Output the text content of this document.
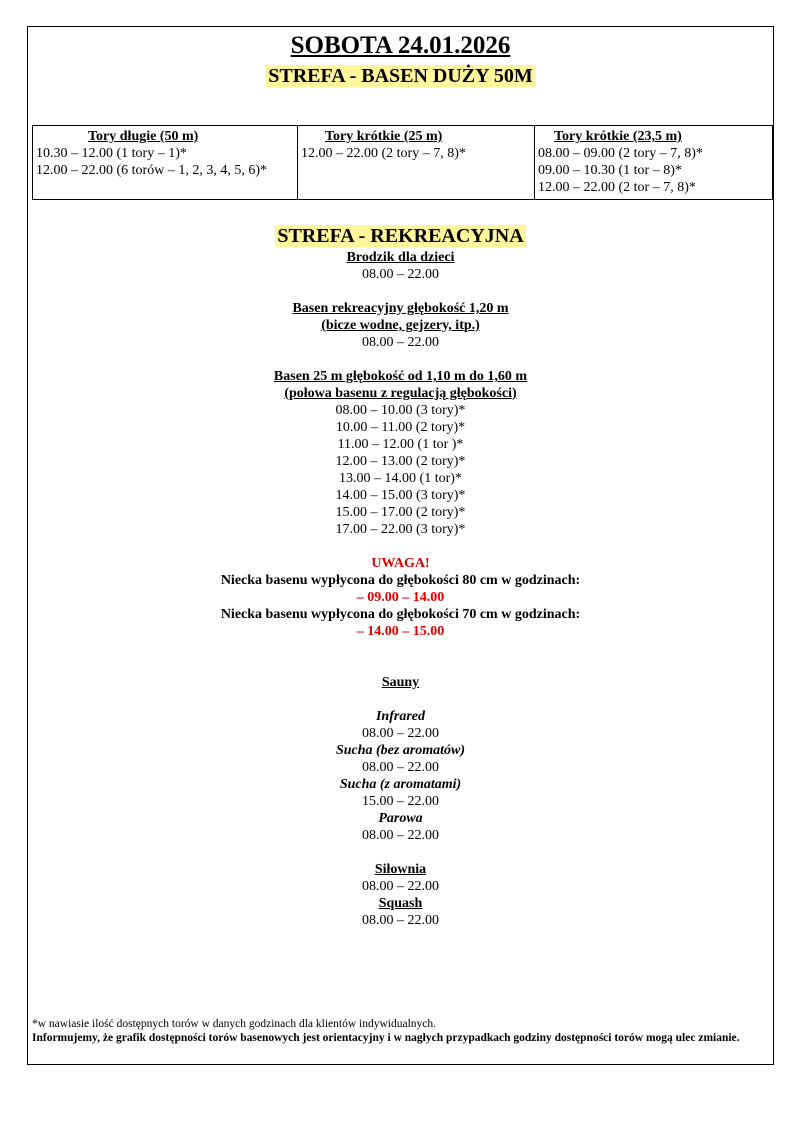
SOBOTA 24.01.2026
STREFA - BASEN DUŻY 50M
Tory długie (50 m)
10.30 – 12.00 (1 tory – 1)*
12.00 – 22.00 (6 torów – 1, 2, 3, 4, 5, 6)*

Tory krótkie (25 m)
12.00 – 22.00 (2 tory – 7, 8)*

Tory krótkie (23,5 m)
08.00 – 09.00 (2 tory – 7, 8)*
09.00 – 10.30 (1 tor – 8)*
12.00 – 22.00 (2 tor – 7, 8)*
STREFA - REKREACYJNA
Brodzik dla dzieci
08.00 – 22.00
Basen rekreacyjny głębokość 1,20 m
(bicze wodne, gejzery, itp.)
08.00 – 22.00
Basen 25 m głębokość od 1,10 m do 1,60 m
(połowa basenu z regulacją głębokości)
08.00 – 10.00 (3 tory)*
10.00 – 11.00 (2 tory)*
11.00 – 12.00 (1 tor )*
12.00 – 13.00 (2 tory)*
13.00 – 14.00 (1 tor)*
14.00 – 15.00 (3 tory)*
15.00 – 17.00 (2 tory)*
17.00 – 22.00 (3 tory)*
UWAGA!
Niecka basenu wypłycona do głębokości 80 cm w godzinach:
– 09.00 – 14.00
Niecka basenu wypłycona do głębokości 70 cm w godzinach:
– 14.00 – 15.00
Sauny
Infrared
08.00 – 22.00
Sucha (bez aromatów)
08.00 – 22.00
Sucha (z aromatami)
15.00 – 22.00
Parowa
08.00 – 22.00
Siłownia
08.00 – 22.00
Squash
08.00 – 22.00
*w nawiasie ilość dostępnych torów w danych godzinach dla klientów indywidualnych.
Informujemy, że grafik dostępności torów basenowych jest orientacyjny i w nagłych przypadkach godziny dostępności torów mogą ulec zmianie.
